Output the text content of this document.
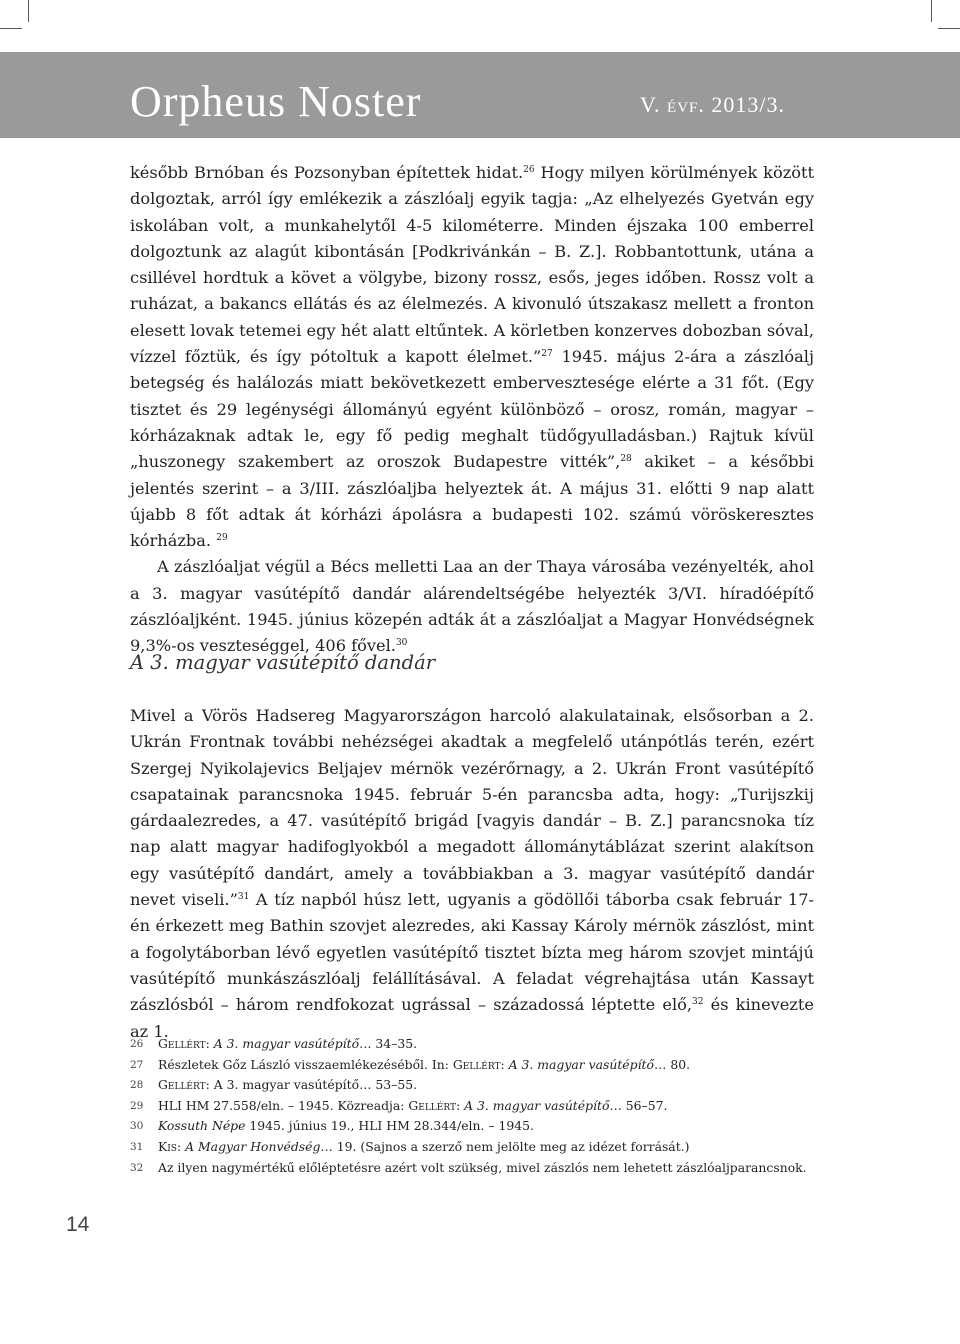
Orpheus Noster	V. évf. 2013/3.

később Brnóban és Pozsonyban építettek hidat.$^{26}$ Hogy milyen körülmények között dolgoztak, arról így emlékezik a zászlóalj egyik tagja: „Az elhelyezés Gyetván egy iskolában volt, a munkahelytől 4-5 kilométerre. Minden éjszaka 100 emberrel dolgoztunk az alagút kibontásán [Podkrivánkán – B. Z.]. Robbantottunk, utána a csillével hordtuk a követ a völgybe, bizony rossz, esős, jeges időben. Rossz volt a ruházat, a bakancs ellátás és az élelmezés. A kivonuló útszakasz mellett a fronton elesett lovak tetemei egy hét alatt eltűntek. A körletben konzerves dobozban sóval, vízzel főztük, és így pótoltuk a kapott élelmet.”$^{27}$ 1945. május 2-ára a zászlóalj betegség és halálozás miatt bekövetkezett embervesztesége elérte a 31 főt. (Egy tisztet és 29 legénységi állományú egyént különböző – orosz, román, magyar – kórházaknak adtak le, egy fő pedig meghalt tüdőgyulladásban.) Rajtuk kívül „huszonegy szakembert az oroszok Budapestre vitték”,$^{28}$ akiket – a későbbi jelentés szerint – a 3/III. zászlóaljba helyeztek át. A május 31. előtti 9 nap alatt újabb 8 főt adtak át kórházi ápolásra a budapesti 102. számú vöröskeresztes kórházba. $^{29}$

A zászlóaljat végül a Bécs melletti Laa an der Thaya városába vezényelték, ahol a 3. magyar vasútépítő dandár alárendeltségébe helyezték 3/VI. híradóépítő zászlóaljként. 1945. június közepén adták át a zászlóaljat a Magyar Honvédségnek 9,3%-os veszteséggel, 406 fővel.$^{30}$

A 3. magyar vasútépítő dandár

Mivel a Vörös Hadsereg Magyarországon harcoló alakulatainak, elsősorban a 2. Ukrán Frontnak további nehézségei akadtak a megfelelő utánpótlás terén, ezért Szergej Nyikolajevics Beljajev mérnök vezérőrnagy, a 2. Ukrán Front vasútépítő csapatainak parancsnoka 1945. február 5-én parancsba adta, hogy: „Turijszkij gárdaalezredes, a 47. vasútépítő brigád [vagyis dandár – B. Z.] parancsnoka tíz nap alatt magyar hadifoglyokból a megadott állománytáblázat szerint alakítson egy vasútépítő dandárt, amely a továbbiakban a 3. magyar vasútépítő dandár nevet viseli.”$^{31}$ A tíz napból húsz lett, ugyanis a gödöllői táborba csak február 17-én érkezett meg Bathin szovjet alezredes, aki Kassay Károly mérnök zászlóst, mint a fogolytáborban lévő egyetlen vasútépítő tisztet bízta meg három szovjet mintájú vasútépítő munkászászlóalj felállításával. A feladat végrehajtása után Kassayt zászlósból – három rendfokozat ugrással – századossá léptette elő,$^{32}$ és kinevezte az 1.

26	Gellért: A 3. magyar vasútépítő… 34–35.
27	Részletek Gőz László visszaemlékezéséből. In: Gellért: A 3. magyar vasútépítő… 80.
28	Gellért: A 3. magyar vasútépítő… 53–55.
29	HLI HM 27.558/eln. – 1945. Közreadja: Gellért: A 3. magyar vasútépítő… 56–57.
30	Kossuth Népe 1945. június 19., HLI HM 28.344/eln. – 1945.
31	Kis: A Magyar Honvédség… 19. (Sajnos a szerző nem jelölte meg az idézet forrását.)
32	Az ilyen nagymértékű előléptetésre azért volt szükség, mivel zászlós nem lehetett zászlóaljparancsnok.
14
